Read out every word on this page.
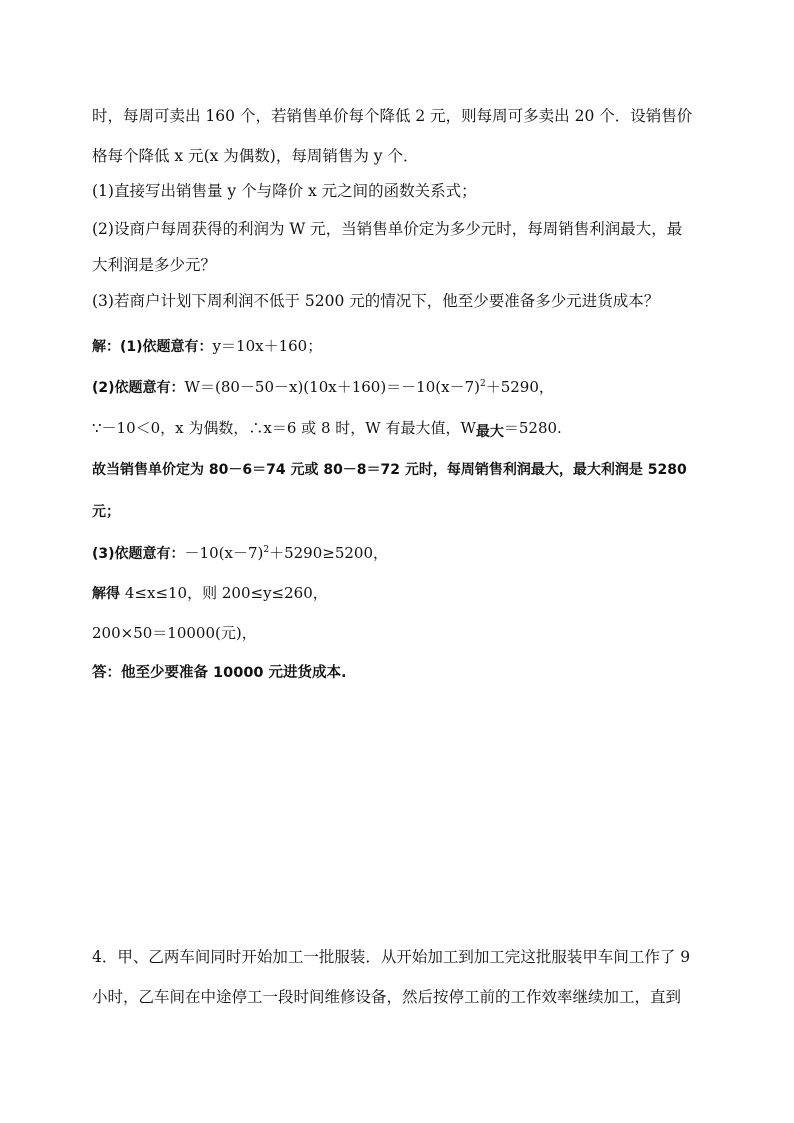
时，每周可卖出 160 个，若销售单价每个降低 2 元，则每周可多卖出 20 个．设销售价
格每个降低 x 元(x 为偶数)，每周销售为 y 个．
(1)直接写出销售量 y 个与降价 x 元之间的函数关系式；
(2)设商户每周获得的利润为 W 元，当销售单价定为多少元时，每周销售利润最大，最
大利润是多少元？
(3)若商户计划下周利润不低于 5200 元的情况下，他至少要准备多少元进货成本？
解：(1)依题意有：y＝10x＋160；
(2)依题意有：$W=(80-50-x)(10x+160)=-10(x-7)^2+5290$，
∵－10＜0，x 为偶数，∴x＝6 或 8 时，W 有最大值，$W_{最大}=5280$.
故当销售单价定为 80－6＝74 元或 80－8＝72 元时，每周销售利润最大，最大利润是 5280
元；
(3)依题意有：$-10(x-7)^2+5290\ge 5200$，
解得 4≤x≤10，则 200≤y≤260，
200×50＝10000(元)，
答：他至少要准备 10000 元进货成本.
4．甲、乙两车间同时开始加工一批服装．从开始加工到加工完这批服装甲车间工作了 9
小时，乙车间在中途停工一段时间维修设备，然后按停工前的工作效率继续加工，直到
